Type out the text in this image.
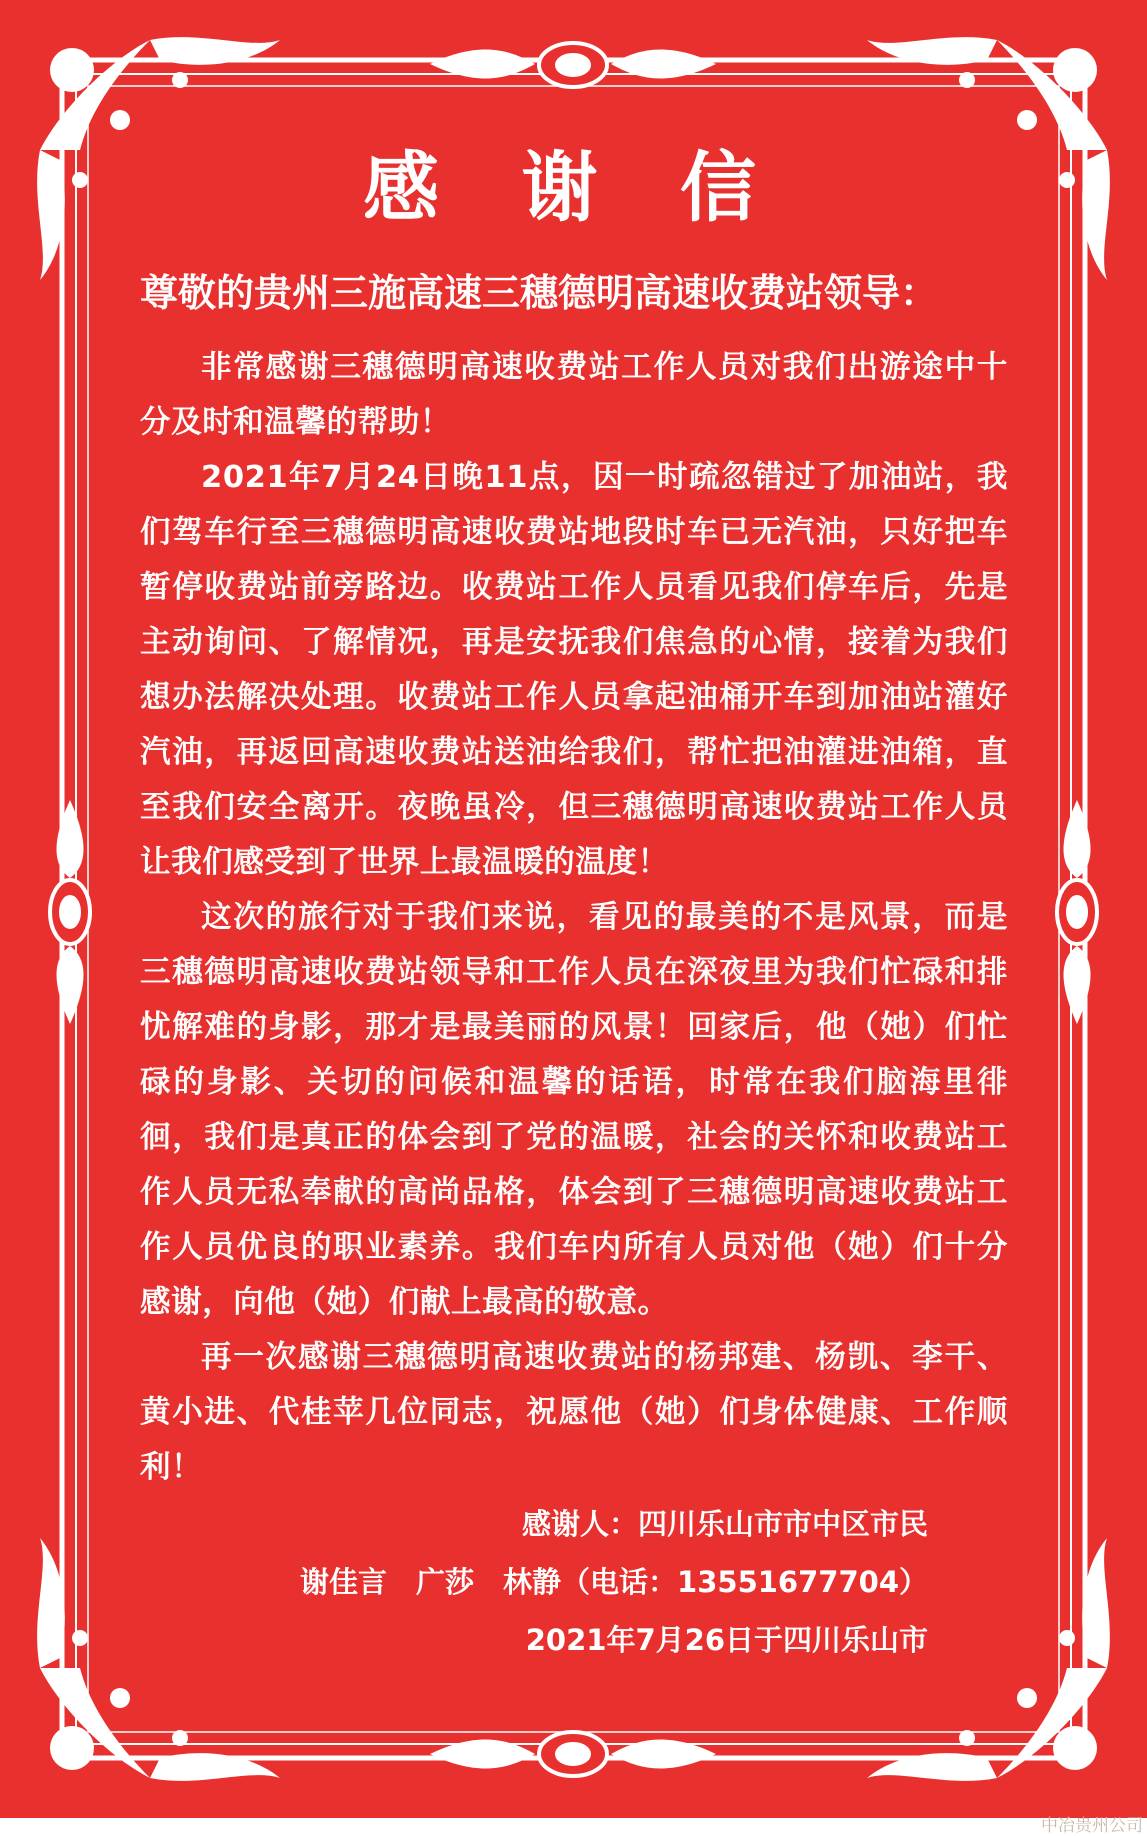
感 谢 信
尊敬的贵州三施高速三穗德明高速收费站领导：

非常感谢三穗德明高速收费站工作人员对我们出游途中十分及时和温馨的帮助！

2021年7月24日晚11点，因一时疏忽错过了加油站，我们驾车行至三穗德明高速收费站地段时车已无汽油，只好把车暂停收费站前旁路边。收费站工作人员看见我们停车后，先是主动询问、了解情况，再是安抚我们焦急的心情，接着为我们想办法解决处理。收费站工作人员拿起油桶开车到加油站灌好汽油，再返回高速收费站送油给我们，帮忙把油灌进油箱，直至我们安全离开。夜晚虽冷，但三穗德明高速收费站工作人员让我们感受到了世界上最温暖的温度！

这次的旅行对于我们来说，看见的最美的不是风景，而是三穗德明高速收费站领导和工作人员在深夜里为我们忙碌和排忧解难的身影，那才是最美丽的风景！回家后，他（她）们忙碌的身影、关切的问候和温馨的话语，时常在我们脑海里徘徊，我们是真正的体会到了党的温暖，社会的关怀和收费站工作人员无私奉献的高尚品格，体会到了三穗德明高速收费站工作人员优良的职业素养。我们车内所有人员对他（她）们十分感谢，向他（她）们献上最高的敬意。

再一次感谢三穗德明高速收费站的杨邦建、杨凯、李干、黄小进、代桂苹几位同志，祝愿他（她）们身体健康、工作顺利！

感谢人：四川乐山市市中区市民
谢佳言　广莎　林静（电话：13551677704）
2021年7月26日于四川乐山市
中冶贵州公司
